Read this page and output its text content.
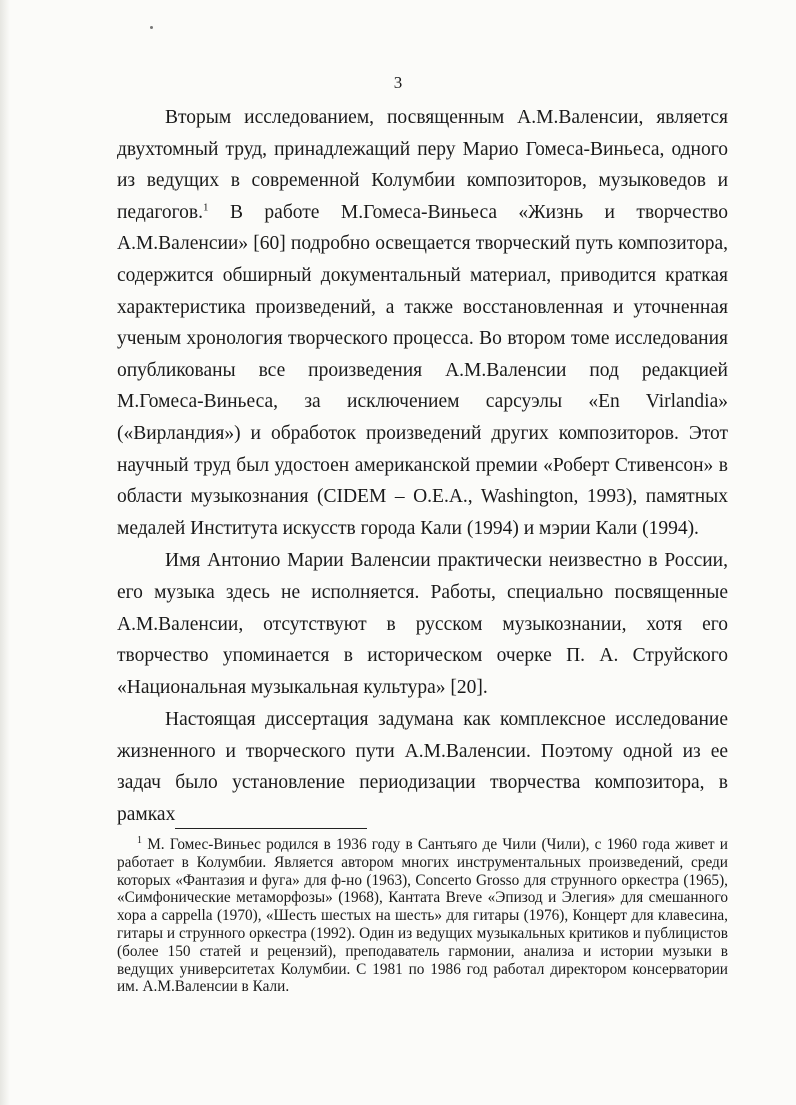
3

Вторым исследованием, посвященным А.М.Валенсии, является двухтомный труд, принадлежащий перу Марио Гомеса-Виньеса, одного из ведущих в современной Колумбии композиторов, музыковедов и педагогов.$^1$ В работе М.Гомеса-Виньеса «Жизнь и творчество А.М.Валенсии» [60] подробно освещается творческий путь композитора, содержится обширный документальный материал, приводится краткая характеристика произведений, а также восстановленная и уточненная ученым хронология творческого процесса. Во втором томе исследования опубликованы все произведения А.М.Валенсии под редакцией М.Гомеса-Виньеса, за исключением сарсуэлы «En Virlandia» («Вирландия») и обработок произведений других композиторов. Этот научный труд был удостоен американской премии «Роберт Стивенсон» в области музыкознания (CIDEM – O.E.A., Washington, 1993), памятных медалей Института искусств города Кали (1994) и мэрии Кали (1994).

Имя Антонио Марии Валенсии практически неизвестно в России, его музыка здесь не исполняется. Работы, специально посвященные А.М.Валенсии, отсутствуют в русском музыкознании, хотя его творчество упоминается в историческом очерке П. А. Струйского «Национальная музыкальная культура» [20].

Настоящая диссертация задумана как комплексное исследование жизненного и творческого пути А.М.Валенсии. Поэтому одной из ее задач было установление периодизации творчества композитора, в рамках

$^1$ М. Гомес-Виньес родился в 1936 году в Сантьяго де Чили (Чили), с 1960 года живет и работает в Колумбии. Является автором многих инструментальных произведений, среди которых «Фантазия и фуга» для ф-но (1963), Concerto Grosso для струнного оркестра (1965), «Симфонические метаморфозы» (1968), Кантата Breve «Эпизод и Элегия» для смешанного хора a cappella (1970), «Шесть шестых на шесть» для гитары (1976), Концерт для клавесина, гитары и струнного оркестра (1992). Один из ведущих музыкальных критиков и публицистов (более 150 статей и рецензий), преподаватель гармонии, анализа и истории музыки в ведущих университетах Колумбии. С 1981 по 1986 год работал директором консерватории им. А.М.Валенсии в Кали.
